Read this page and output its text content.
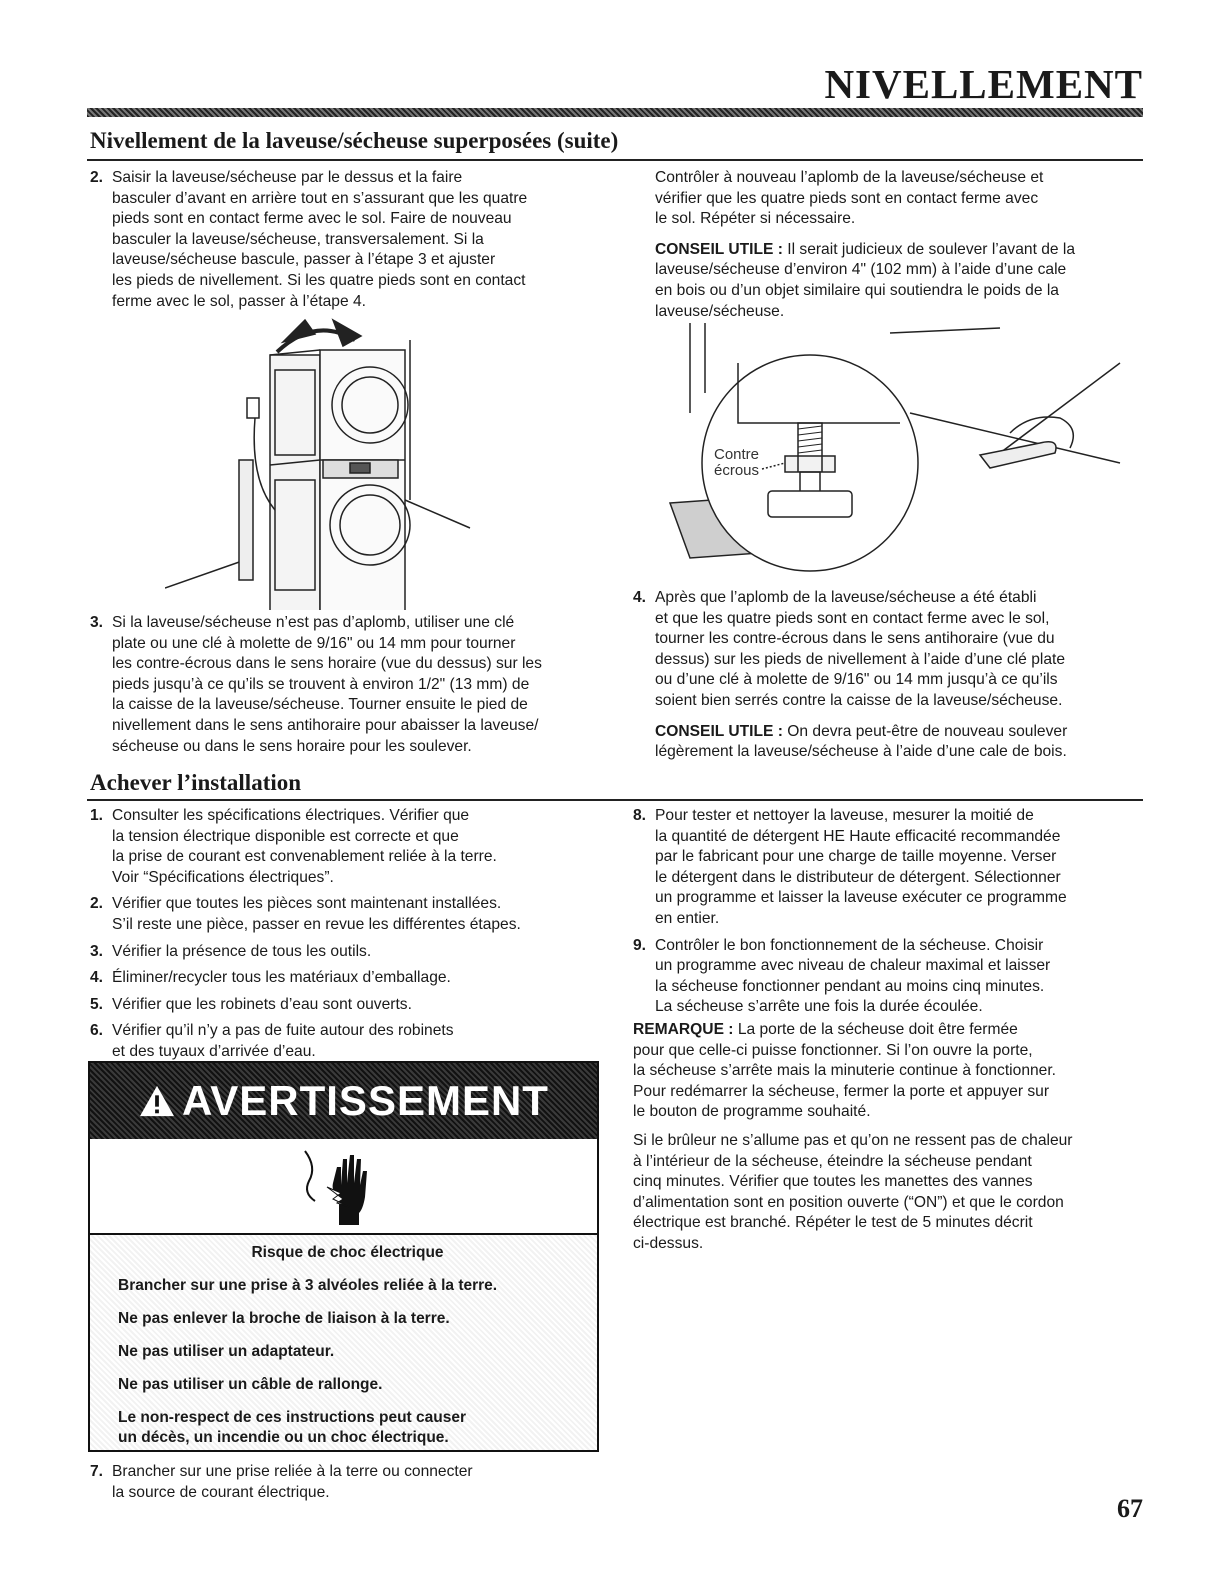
NIVELLEMENT
Nivellement de la laveuse/sécheuse superposées (suite)
2. Saisir la laveuse/sécheuse par le dessus et la faire
basculer d’avant en arrière tout en s’assurant que les quatre
pieds sont en contact ferme avec le sol. Faire de nouveau
basculer la laveuse/sécheuse, transversalement. Si la
laveuse/sécheuse bascule, passer à l’étape 3 et ajuster
les pieds de nivellement. Si les quatre pieds sont en contact
ferme avec le sol, passer à l’étape 4.
3. Si la laveuse/sécheuse n’est pas d’aplomb, utiliser une clé
plate ou une clé à molette de 9/16" ou 14 mm pour tourner
les contre-écrous dans le sens horaire (vue du dessus) sur les
pieds jusqu’à ce qu’ils se trouvent à environ 1/2" (13 mm) de
la caisse de la laveuse/sécheuse. Tourner ensuite le pied de
nivellement dans le sens antihoraire pour abaisser la laveuse/
sécheuse ou dans le sens horaire pour les soulever.

Contrôler à nouveau l’aplomb de la laveuse/sécheuse et
vérifier que les quatre pieds sont en contact ferme avec
le sol. Répéter si nécessaire.

CONSEIL UTILE : Il serait judicieux de soulever l’avant de la
laveuse/sécheuse d’environ 4" (102 mm) à l’aide d’une cale
en bois ou d’un objet similaire qui soutiendra le poids de la
laveuse/sécheuse.

Contre
écrous
4. Après que l’aplomb de la laveuse/sécheuse a été établi
et que les quatre pieds sont en contact ferme avec le sol,
tourner les contre-écrous dans le sens antihoraire (vue du
dessus) sur les pieds de nivellement à l’aide d’une clé plate
ou d’une clé à molette de 9/16" ou 14 mm jusqu’à ce qu’ils
soient bien serrés contre la caisse de la laveuse/sécheuse.
CONSEIL UTILE : On devra peut-être de nouveau soulever
légèrement la laveuse/sécheuse à l’aide d’une cale de bois.
Achever l’installation
1. Consulter les spécifications électriques. Vérifier que
la tension électrique disponible est correcte et que
la prise de courant est convenablement reliée à la terre.
Voir “Spécifications électriques”.
2. Vérifier que toutes les pièces sont maintenant installées.
S’il reste une pièce, passer en revue les différentes étapes.
3. Vérifier la présence de tous les outils.
4. Éliminer/recycler tous les matériaux d’emballage.
5. Vérifier que les robinets d’eau sont ouverts.
6. Vérifier qu’il n’y a pas de fuite autour des robinets
et des tuyaux d’arrivée d’eau.
AVERTISSEMENT
Risque de choc électrique
Brancher sur une prise à 3 alvéoles reliée à la terre.
Ne pas enlever la broche de liaison à la terre.
Ne pas utiliser un adaptateur.
Ne pas utiliser un câble de rallonge.
Le non-respect de ces instructions peut causer
un décès, un incendie ou un choc électrique.
7. Brancher sur une prise reliée à la terre ou connecter
la source de courant électrique.
8. Pour tester et nettoyer la laveuse, mesurer la moitié de
la quantité de détergent HE Haute efficacité recommandée
par le fabricant pour une charge de taille moyenne. Verser
le détergent dans le distributeur de détergent. Sélectionner
un programme et laisser la laveuse exécuter ce programme
en entier.
9. Contrôler le bon fonctionnement de la sécheuse. Choisir
un programme avec niveau de chaleur maximal et laisser
la sécheuse fonctionner pendant au moins cinq minutes.
La sécheuse s’arrête une fois la durée écoulée.
REMARQUE : La porte de la sécheuse doit être fermée
pour que celle-ci puisse fonctionner. Si l’on ouvre la porte,
la sécheuse s’arrête mais la minuterie continue à fonctionner.
Pour redémarrer la sécheuse, fermer la porte et appuyer sur
le bouton de programme souhaité.
Si le brûleur ne s’allume pas et qu’on ne ressent pas de chaleur
à l’intérieur de la sécheuse, éteindre la sécheuse pendant
cinq minutes. Vérifier que toutes les manettes des vannes
d’alimentation sont en position ouverte (“ON”) et que le cordon
électrique est branché. Répéter le test de 5 minutes décrit
ci-dessus.
67
